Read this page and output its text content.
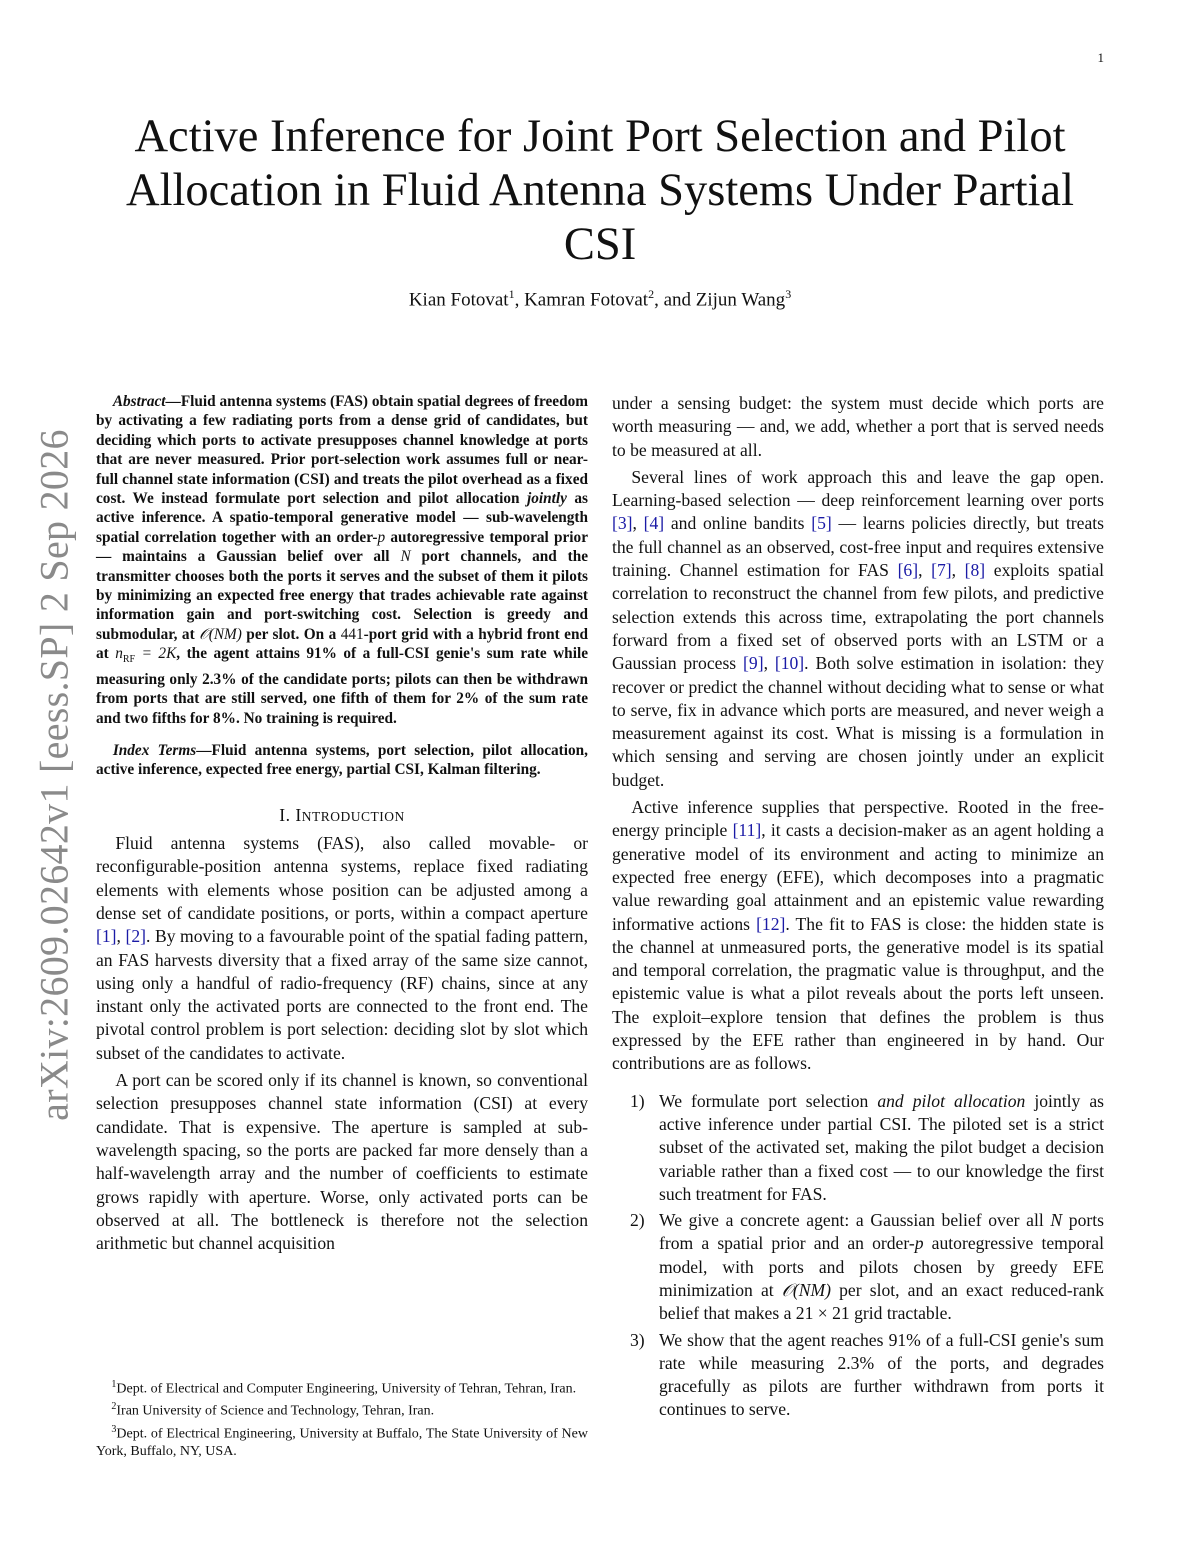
1
arXiv:2609.02642v1 [eess.SP] 2 Sep 2026
Active Inference for Joint Port Selection and Pilot Allocation in Fluid Antenna Systems Under Partial CSI
Kian Fotovat$^1$, Kamran Fotovat$^2$, and Zijun Wang$^3$

Abstract—Fluid antenna systems (FAS) obtain spatial degrees of freedom by activating a few radiating ports from a dense grid of candidates, but deciding which ports to activate presupposes channel knowledge at ports that are never measured. Prior port-selection work assumes full or near-full channel state information (CSI) and treats the pilot overhead as a fixed cost. We instead formulate port selection and pilot allocation jointly as active inference. A spatio-temporal generative model — sub-wavelength spatial correlation together with an order-p autoregressive temporal prior — maintains a Gaussian belief over all N port channels, and the transmitter chooses both the ports it serves and the subset of them it pilots by minimizing an expected free energy that trades achievable rate against information gain and port-switching cost. Selection is greedy and submodular, at 𝒪(NM) per slot. On a 441-port grid with a hybrid front end at $n_{RF} = 2K$, the agent attains 91% of a full-CSI genie's sum rate while measuring only 2.3% of the candidate ports; pilots can then be withdrawn from ports that are still served, one fifth of them for 2% of the sum rate and two fifths for 8%. No training is required.

Index Terms—Fluid antenna systems, port selection, pilot allocation, active inference, expected free energy, partial CSI, Kalman filtering.

I. INTRODUCTION

Fluid antenna systems (FAS), also called movable- or reconfigurable-position antenna systems, replace fixed radiating elements with elements whose position can be adjusted among a dense set of candidate positions, or ports, within a compact aperture [1], [2]. By moving to a favourable point of the spatial fading pattern, an FAS harvests diversity that a fixed array of the same size cannot, using only a handful of radio-frequency (RF) chains, since at any instant only the activated ports are connected to the front end. The pivotal control problem is port selection: deciding slot by slot which subset of the candidates to activate.

A port can be scored only if its channel is known, so conventional selection presupposes channel state information (CSI) at every candidate. That is expensive. The aperture is sampled at sub-wavelength spacing, so the ports are packed far more densely than a half-wavelength array and the number of coefficients to estimate grows rapidly with aperture. Worse, only activated ports can be observed at all. The bottleneck is therefore not the selection arithmetic but channel acquisition

$^1$Dept. of Electrical and Computer Engineering, University of Tehran, Tehran, Iran.

$^2$Iran University of Science and Technology, Tehran, Iran.

$^3$Dept. of Electrical Engineering, University at Buffalo, The State University of New York, Buffalo, NY, USA.

under a sensing budget: the system must decide which ports are worth measuring — and, we add, whether a port that is served needs to be measured at all.

Several lines of work approach this and leave the gap open. Learning-based selection — deep reinforcement learning over ports [3], [4] and online bandits [5] — learns policies directly, but treats the full channel as an observed, cost-free input and requires extensive training. Channel estimation for FAS [6], [7], [8] exploits spatial correlation to reconstruct the channel from few pilots, and predictive selection extends this across time, extrapolating the port channels forward from a fixed set of observed ports with an LSTM or a Gaussian process [9], [10]. Both solve estimation in isolation: they recover or predict the channel without deciding what to sense or what to serve, fix in advance which ports are measured, and never weigh a measurement against its cost. What is missing is a formulation in which sensing and serving are chosen jointly under an explicit budget.

Active inference supplies that perspective. Rooted in the free-energy principle [11], it casts a decision-maker as an agent holding a generative model of its environment and acting to minimize an expected free energy (EFE), which decomposes into a pragmatic value rewarding goal attainment and an epistemic value rewarding informative actions [12]. The fit to FAS is close: the hidden state is the channel at unmeasured ports, the generative model is its spatial and temporal correlation, the pragmatic value is throughput, and the epistemic value is what a pilot reveals about the ports left unseen. The exploit–explore tension that defines the problem is thus expressed by the EFE rather than engineered in by hand. Our contributions are as follows.

1) We formulate port selection and pilot allocation jointly as active inference under partial CSI. The piloted set is a strict subset of the activated set, making the pilot budget a decision variable rather than a fixed cost — to our knowledge the first such treatment for FAS.
2) We give a concrete agent: a Gaussian belief over all N ports from a spatial prior and an order-p autoregressive temporal model, with ports and pilots chosen by greedy EFE minimization at 𝒪(NM) per slot, and an exact reduced-rank belief that makes a 21 × 21 grid tractable.
3) We show that the agent reaches 91% of a full-CSI genie's sum rate while measuring 2.3% of the ports, and degrades gracefully as pilots are further withdrawn from ports it continues to serve.
